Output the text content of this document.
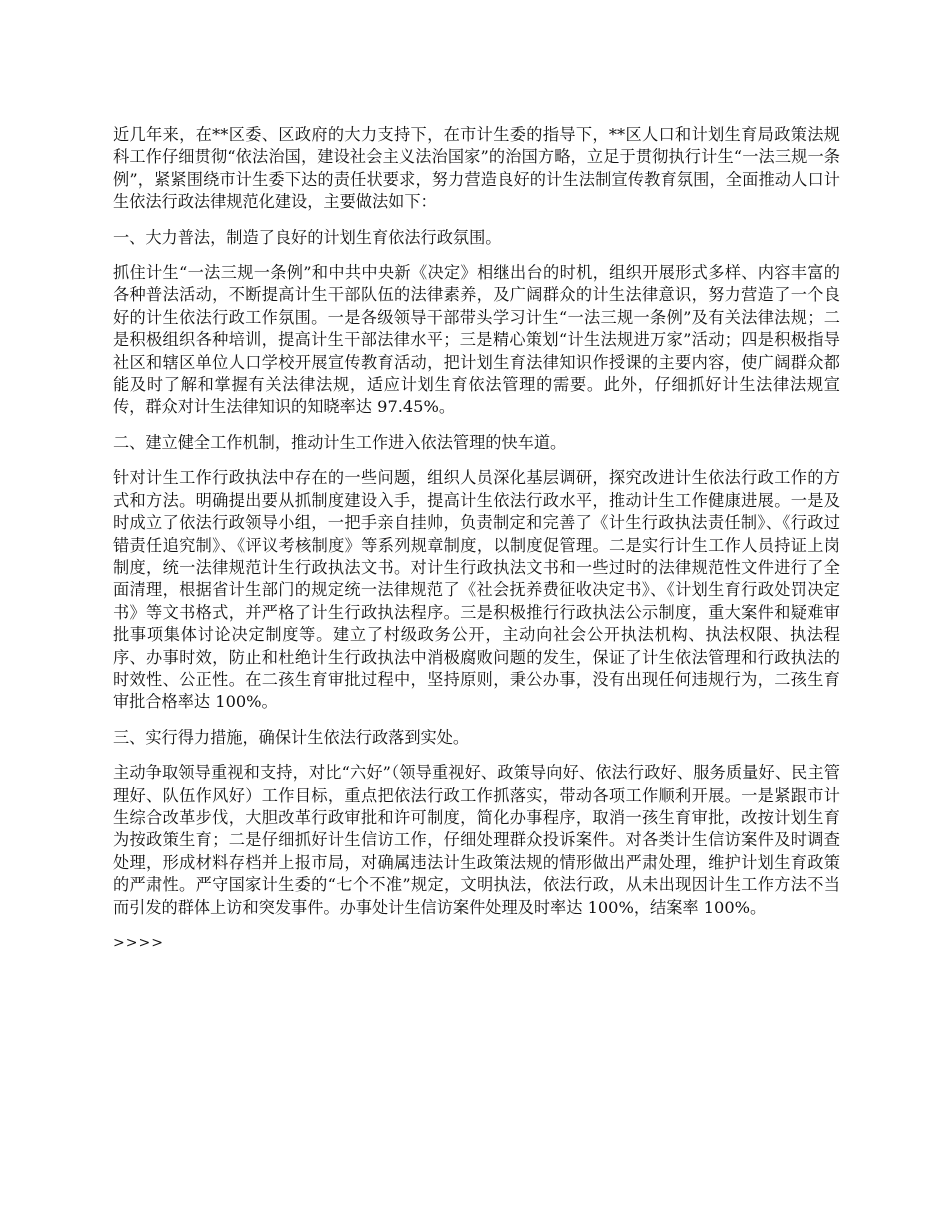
近几年来，在**区委、区政府的大力支持下，在市计生委的指导下，**区人口和计划生育局政策法规科工作仔细贯彻“依法治国，建设社会主义法治国家”的治国方略，立足于贯彻执行计生“一法三规一条例”，紧紧围绕市计生委下达的责任状要求，努力营造良好的计生法制宣传教育氛围，全面推动人口计生依法行政法律规范化建设，主要做法如下：

一、大力普法，制造了良好的计划生育依法行政氛围。

抓住计生“一法三规一条例”和中共中央新《决定》相继出台的时机，组织开展形式多样、内容丰富的各种普法活动，不断提高计生干部队伍的法律素养，及广阔群众的计生法律意识，努力营造了一个良好的计生依法行政工作氛围。一是各级领导干部带头学习计生“一法三规一条例”及有关法律法规；二是积极组织各种培训，提高计生干部法律水平；三是精心策划“计生法规进万家”活动；四是积极指导社区和辖区单位人口学校开展宣传教育活动，把计划生育法律知识作授课的主要内容，使广阔群众都能及时了解和掌握有关法律法规，适应计划生育依法管理的需要。此外，仔细抓好计生法律法规宣传，群众对计生法律知识的知晓率达 97.45%。

二、建立健全工作机制，推动计生工作进入依法管理的快车道。

针对计生工作行政执法中存在的一些问题，组织人员深化基层调研，探究改进计生依法行政工作的方式和方法。明确提出要从抓制度建设入手，提高计生依法行政水平，推动计生工作健康进展。一是及时成立了依法行政领导小组，一把手亲自挂帅，负责制定和完善了《计生行政执法责任制》、《行政过错责任追究制》、《评议考核制度》等系列规章制度，以制度促管理。二是实行计生工作人员持证上岗制度，统一法律规范计生行政执法文书。对计生行政执法文书和一些过时的法律规范性文件进行了全面清理，根据省计生部门的规定统一法律规范了《社会抚养费征收决定书》、《计划生育行政处罚决定书》等文书格式，并严格了计生行政执法程序。三是积极推行行政执法公示制度，重大案件和疑难审批事项集体讨论决定制度等。建立了村级政务公开，主动向社会公开执法机构、执法权限、执法程序、办事时效，防止和杜绝计生行政执法中消极腐败问题的发生，保证了计生依法管理和行政执法的时效性、公正性。在二孩生育审批过程中，坚持原则，秉公办事，没有出现任何违规行为，二孩生育审批合格率达 100%。

三、实行得力措施，确保计生依法行政落到实处。

主动争取领导重视和支持，对比“六好”（领导重视好、政策导向好、依法行政好、服务质量好、民主管理好、队伍作风好）工作目标，重点把依法行政工作抓落实，带动各项工作顺利开展。一是紧跟市计生综合改革步伐，大胆改革行政审批和许可制度，简化办事程序，取消一孩生育审批，改按计划生育为按政策生育；二是仔细抓好计生信访工作，仔细处理群众投诉案件。对各类计生信访案件及时调查处理，形成材料存档并上报市局，对确属违法计生政策法规的情形做出严肃处理，维护计划生育政策的严肃性。严守国家计生委的“七个不准”规定，文明执法，依法行政，从未出现因计生工作方法不当而引发的群体上访和突发事件。办事处计生信访案件处理及时率达 100%，结案率 100%。

>>>>
